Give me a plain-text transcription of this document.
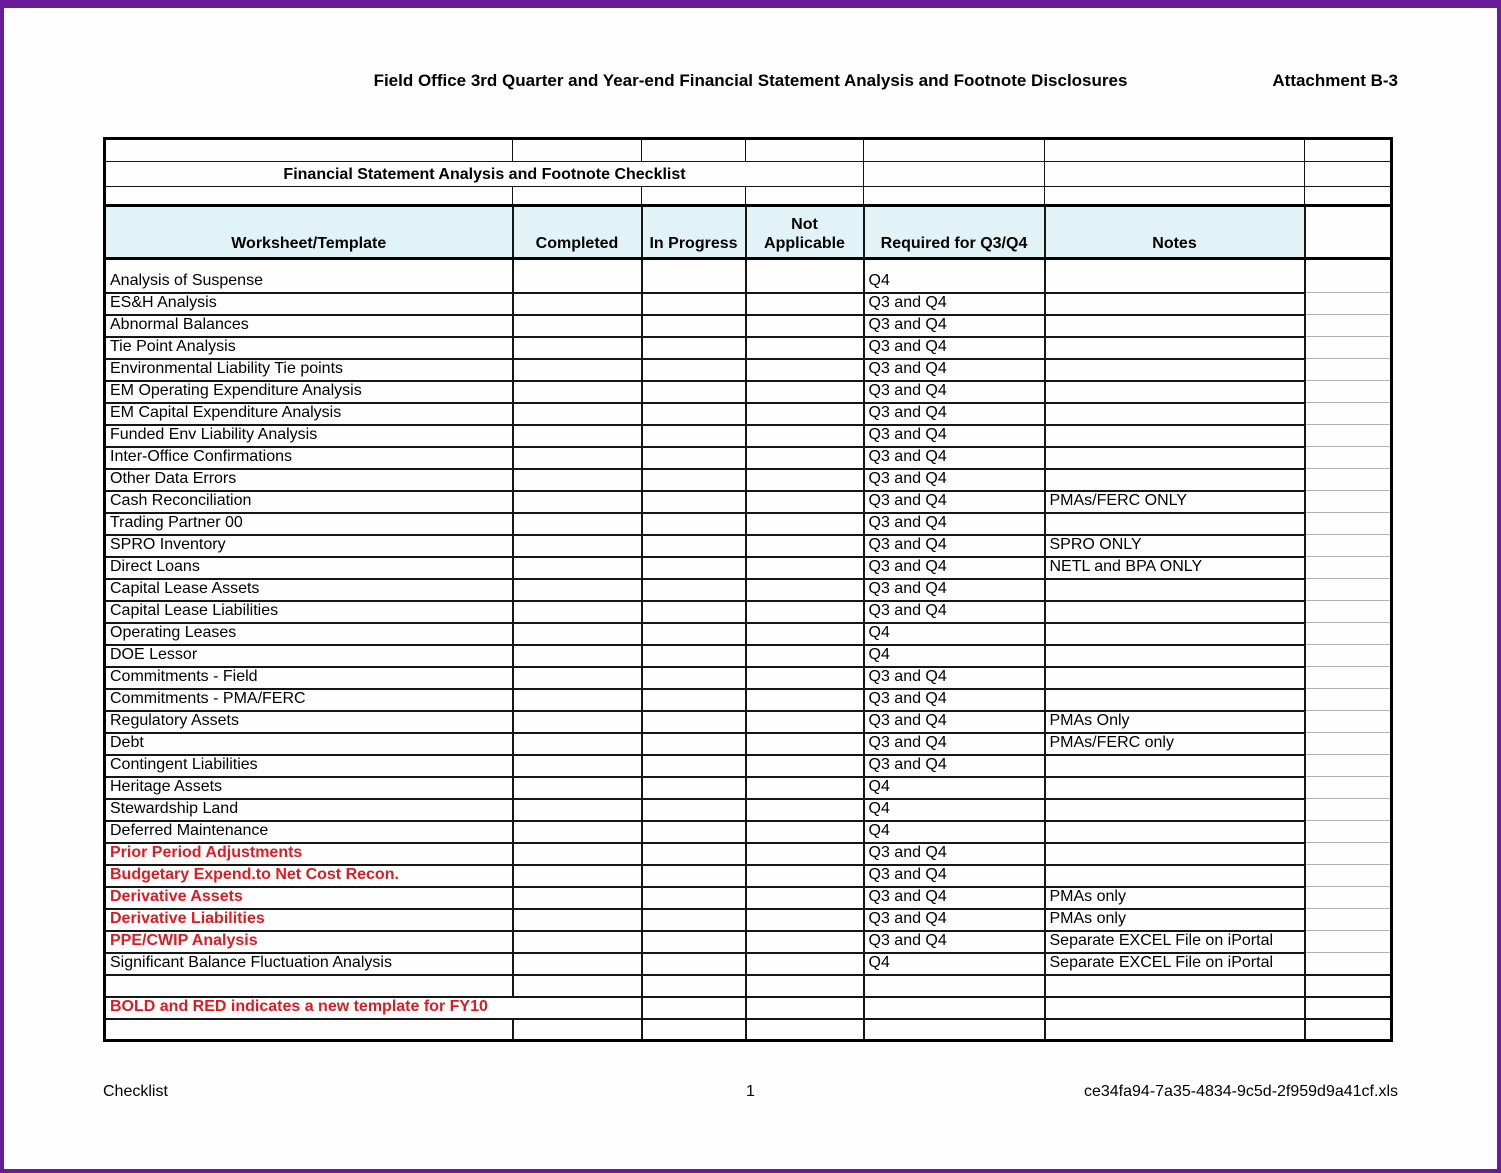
Field Office 3rd Quarter and Year-end Financial Statement Analysis and Footnote Disclosures	Attachment B-3

Financial Statement Analysis and Footnote Checklist						

Worksheet/Template	Completed	In Progress	Not Applicable	Required for Q3/Q4	Notes	
Analysis of Suspense				Q4		
ES&H Analysis				Q3 and Q4		
Abnormal Balances				Q3 and Q4		
Tie Point Analysis				Q3 and Q4		
Environmental Liability Tie points				Q3 and Q4		
EM Operating Expenditure Analysis				Q3 and Q4		
EM Capital Expenditure Analysis				Q3 and Q4		
Funded Env Liability Analysis				Q3 and Q4		
Inter-Office Confirmations				Q3 and Q4		
Other Data Errors				Q3 and Q4		
Cash Reconciliation				Q3 and Q4	PMAs/FERC ONLY	
Trading Partner 00				Q3 and Q4		
SPRO Inventory				Q3 and Q4	SPRO ONLY	
Direct Loans				Q3 and Q4	NETL and BPA ONLY	
Capital Lease Assets				Q3 and Q4		
Capital Lease Liabilities				Q3 and Q4		
Operating Leases				Q4		
DOE Lessor				Q4		
Commitments - Field				Q3 and Q4		
Commitments - PMA/FERC				Q3 and Q4		
Regulatory Assets				Q3 and Q4	PMAs Only	
Debt				Q3 and Q4	PMAs/FERC only	
Contingent Liabilities				Q3 and Q4		
Heritage Assets				Q4		
Stewardship Land				Q4		
Deferred Maintenance				Q4		
Prior Period Adjustments				Q3 and Q4		
Budgetary Expend.to Net Cost Recon.				Q3 and Q4		
Derivative Assets				Q3 and Q4	PMAs only	
Derivative Liabilities				Q3 and Q4	PMAs only	
PPE/CWIP Analysis				Q3 and Q4	Separate EXCEL File on iPortal	
Significant Balance Fluctuation Analysis				Q4	Separate EXCEL File on iPortal	

BOLD and RED indicates a new template for FY10						

1
Checklist	ce34fa94-7a35-4834-9c5d-2f959d9a41cf.xls
